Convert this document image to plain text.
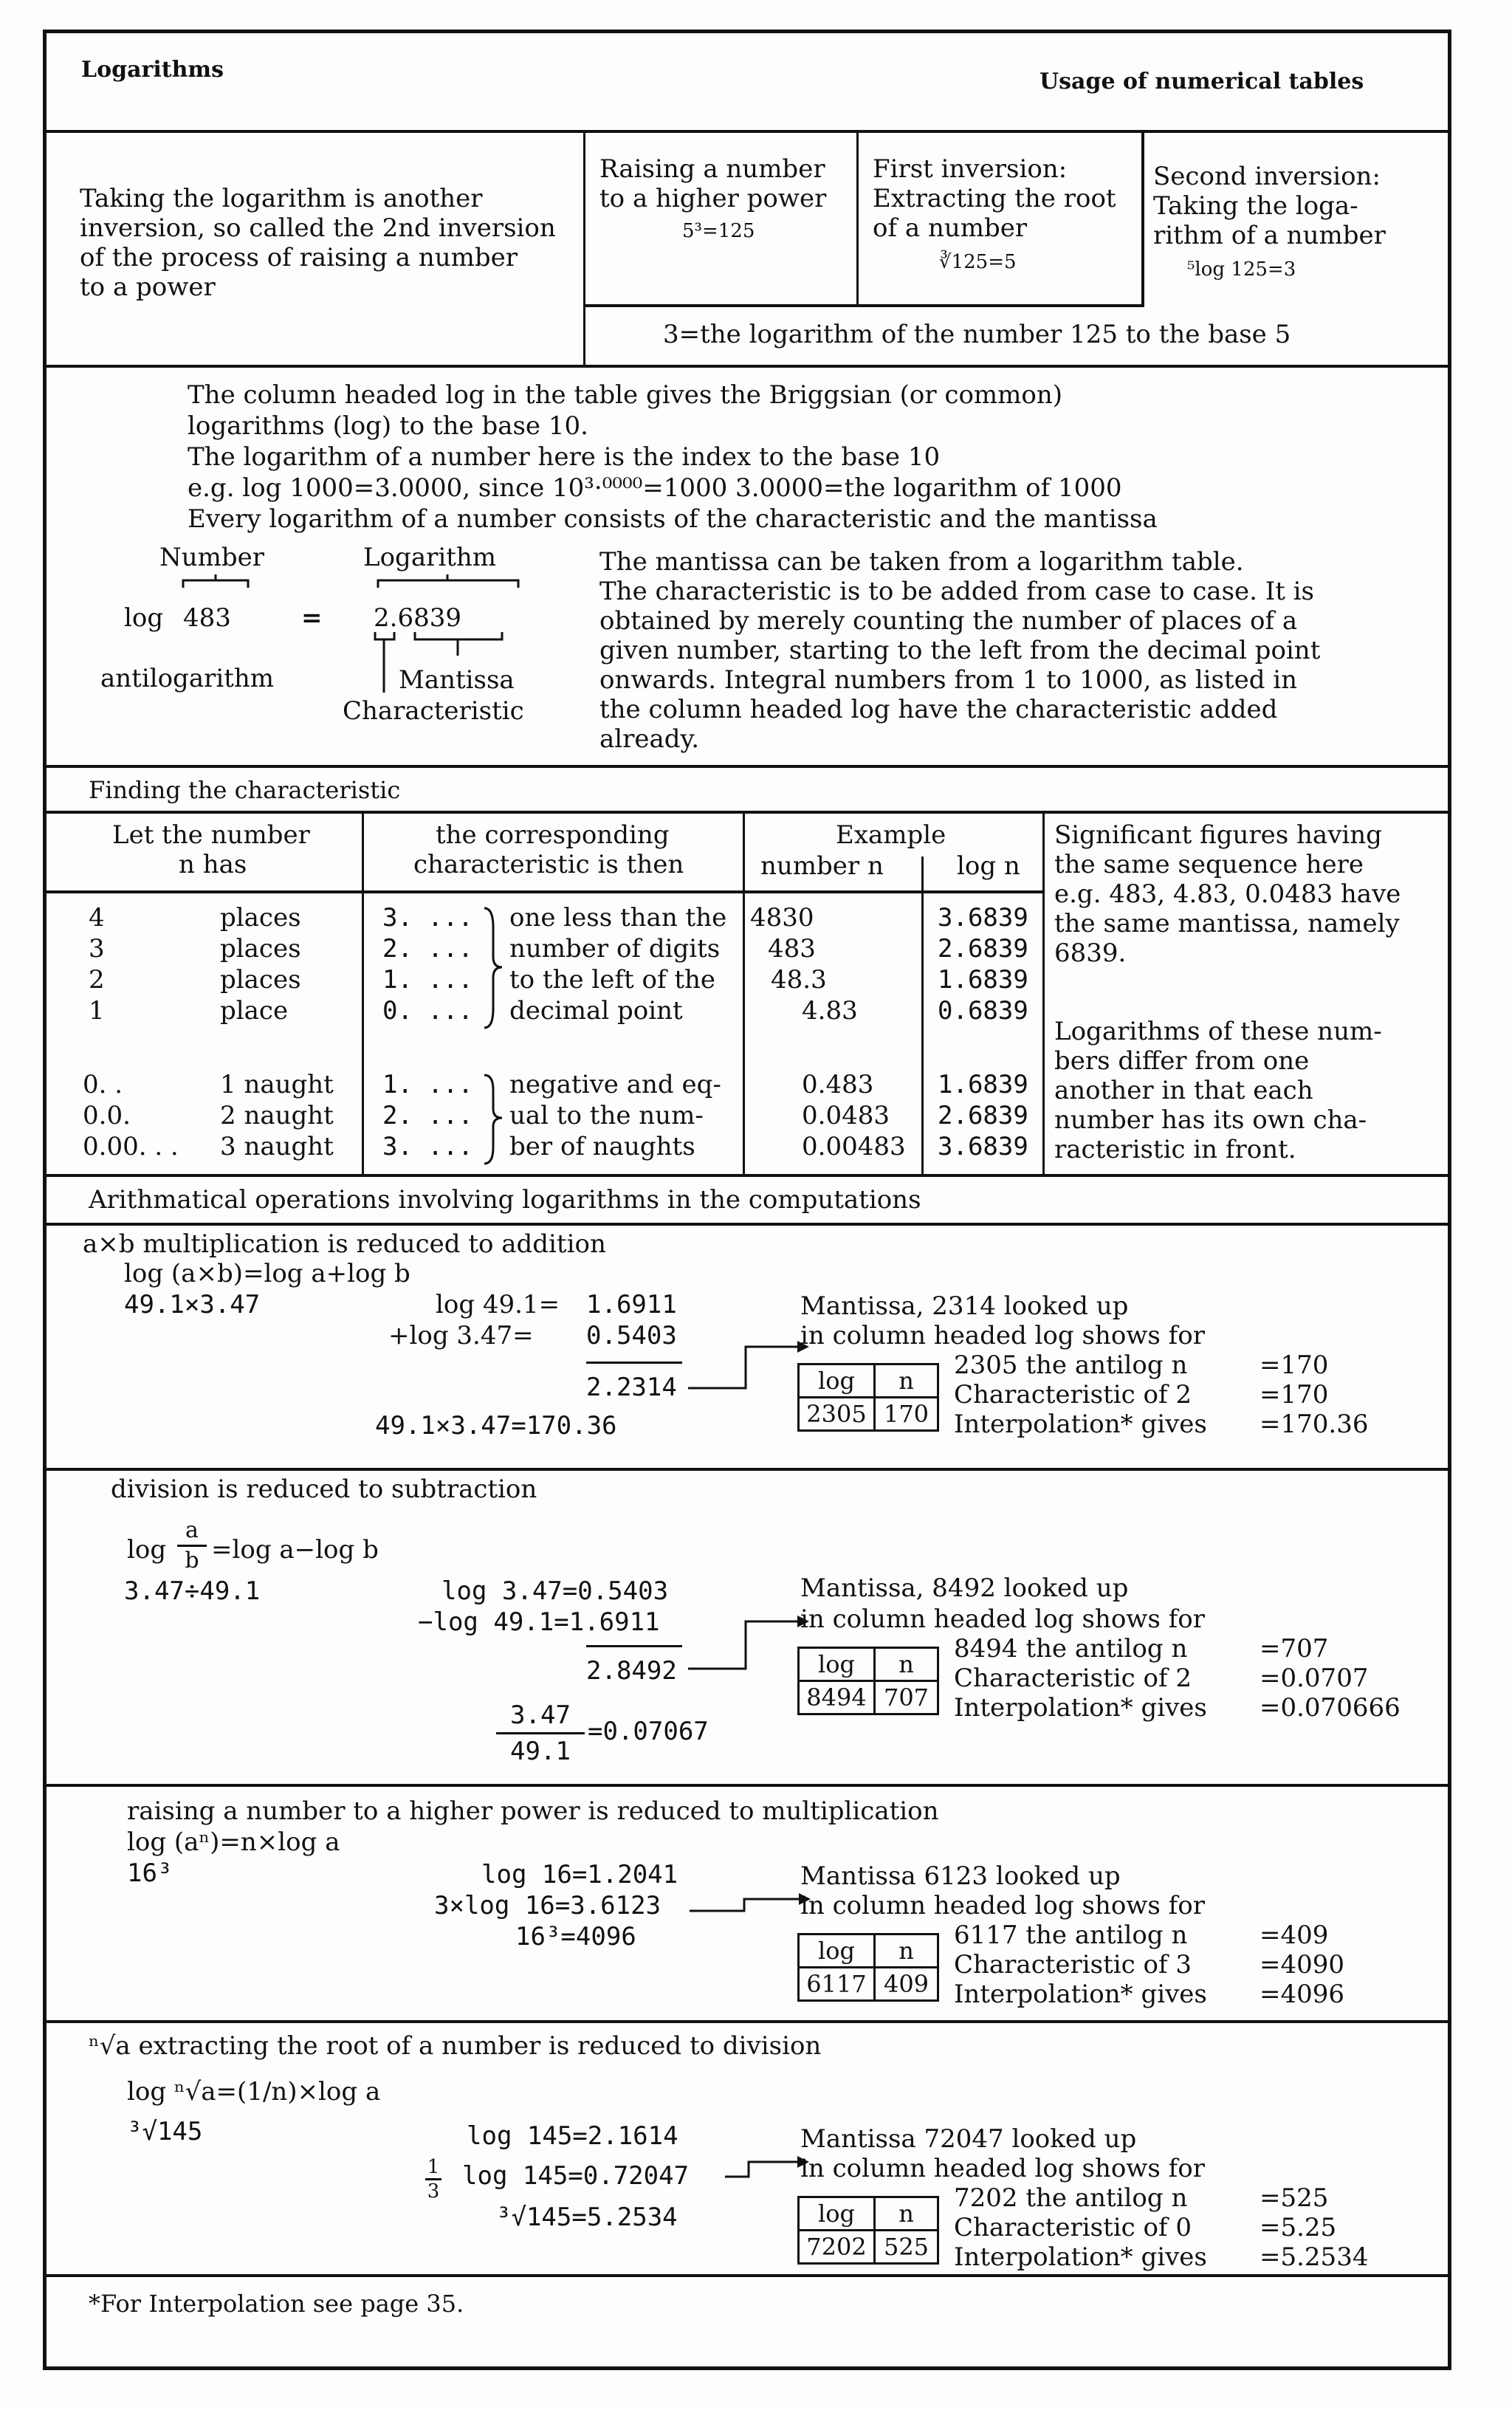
Logarithms	Usage of numerical tables
Taking the logarithm is another
inversion, so called the 2nd inversion
of the process of raising a number
to a power
Raising a number
to a higher power
5³=125
First inversion:
Extracting the root
of a number
∛125=5
Second inversion:
Taking the loga-
rithm of a number
⁵log 125=3
3=the logarithm of the number 125 to the base 5
The column headed log in the table gives the Briggsian (or common)
logarithms (log) to the base 10.
The logarithm of a number here is the index to the base 10
e.g. log 1000=3.0000, since 10³·⁰⁰⁰⁰=1000 3.0000=the logarithm of 1000
Every logarithm of a number consists of the characteristic and the mantissa
Number	Logarithm
log 483	= 2.6839
antilogarithm	Mantissa
Characteristic
The mantissa can be taken from a logarithm table.
The characteristic is to be added from case to case. It is
obtained by merely counting the number of places of a
given number, starting to the left from the decimal point
onwards. Integral numbers from 1 to 1000, as listed in
the column headed log have the characteristic added
already.
Finding the characteristic
Let the number
n has
the corresponding
characteristic is then
Example
number n	log n
4	places	3. ...	4830	3.6839
3	places	2. ...	483	2.6839
2	places	1. ...	48.3	1.6839
1	place	0. ...	4.83	0.6839
one less than the
number of digits
to the left of the
decimal point
0. .	1 naught 1. ...	0.483	1.6839
0.0.	2 naught 2. ...	0.0483 2.6839
0.00. . . 3 naught 3. ...	0.00483 3.6839
negative and eq-
ual to the num-
ber of naughts
Significant figures having
the same sequence here
e.g. 483, 4.83, 0.0483 have
the same mantissa, namely
6839.
Logarithms of these num-
bers differ from one
another in that each
number has its own cha-
racteristic in front.
Arithmatical operations involving logarithms in the computations
a×b multiplication is reduced to addition
log (a×b)=log a+log b
49.1×3.47	log 49.1= 1.6911
+log 3.47= 0.5403
2.2314
49.1×3.47=170.36
Mantissa, 2314 looked up
in column headed log shows for
2305 the antilog n	=170
Characteristic of 2	=170
Interpolation* gives =170.36
log	n
2305 170
division is reduced to subtraction
log
a
b =log a−log b
3.47÷49.1	log 3.47=0.5403
−log 49.1=1.6911
2.8492
3.47
49.1
=0.07067
Mantissa, 8492 looked up
in column headed log shows for
8494 the antilog n	=707
Characteristic of 2	=0.0707
Interpolation* gives =0.070666
log	n
8494 707
raising a number to a higher power is reduced to multiplication
log (aⁿ)=n×log a
16³	log 16=1.2041
3×log 16=3.6123
16³=4096
Mantissa 6123 looked up
in column headed log shows for
6117 the antilog n	=409
Characteristic of 3	=4090
Interpolation* gives =4096
log	n
6117 409
ⁿ√a extracting the root of a number is reduced to division
log ⁿ√a=(1/n)×log a
³√145	log 145=2.1614
1
3
log 145=0.72047
³√145=5.2534
Mantissa 72047 looked up
in column headed log shows for
7202 the antilog n	=525
Characteristic of 0	=5.25
Interpolation* gives =5.2534
log	n
7202 525
*For Interpolation see page 35.
